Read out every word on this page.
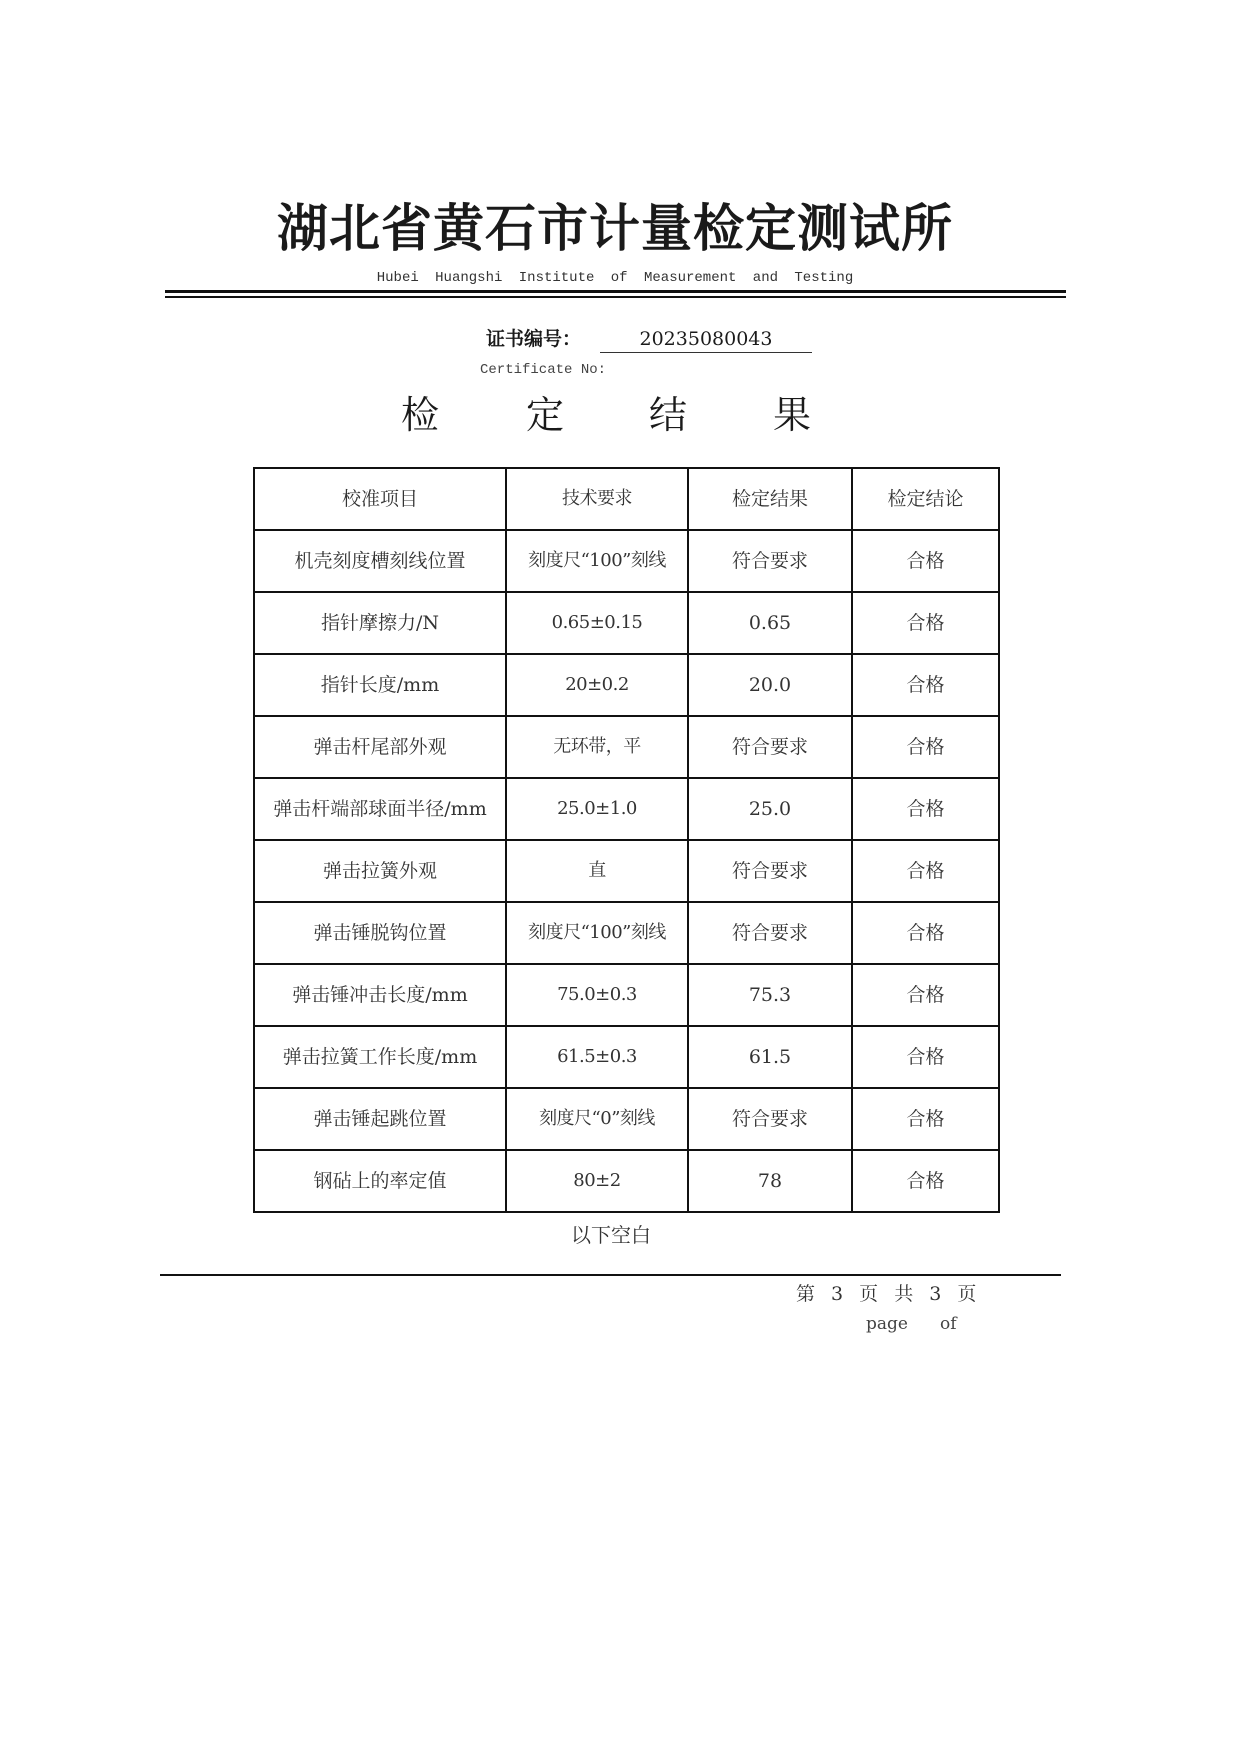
湖北省黄石市计量检定测试所
Hubei Huangshi Institute of Measurement and Testing
证书编号：	20235080043
Certificate No:
检 定 结 果
校准项目	技术要求	检定结果	检定结论
机壳刻度槽刻线位置	刻度尺“100”刻线	符合要求	合格
指针摩擦力/N	0.65±0.15	0.65	合格
指针长度/mm	20±0.2	20.0	合格
弹击杆尾部外观	无环带，平	符合要求	合格
弹击杆端部球面半径/mm	25.0±1.0	25.0	合格
弹击拉簧外观	直	符合要求	合格
弹击锤脱钩位置	刻度尺“100”刻线	符合要求	合格
弹击锤冲击长度/mm	75.0±0.3	75.3	合格
弹击拉簧工作长度/mm	61.5±0.3	61.5	合格
弹击锤起跳位置	刻度尺“0”刻线	符合要求	合格
钢砧上的率定值	80±2	78	合格
以下空白
第 3 页 共 3 页
page of
